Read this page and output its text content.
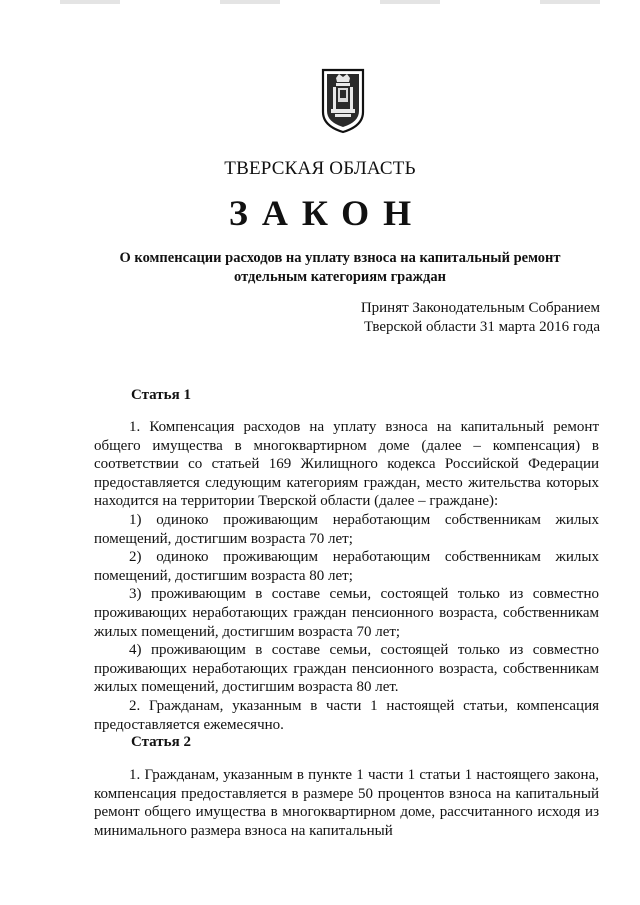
ТВЕРСКАЯ ОБЛАСТЬ
ЗАКОН
О компенсации расходов на уплату взноса на капитальный ремонт
отдельным категориям граждан
Принят Законодательным Собранием
Тверской области 31 марта 2016 года
Статья 1

1. Компенсация расходов на уплату взноса на капитальный ремонт общего имущества в многоквартирном доме (далее – компенсация) в соответствии со статьей 169 Жилищного кодекса Российской Федерации предоставляется следующим категориям граждан, место жительства которых находится на территории Тверской области (далее – граждане):

1) одиноко проживающим неработающим собственникам жилых помещений, достигшим возраста 70 лет;

2) одиноко проживающим неработающим собственникам жилых помещений, достигшим возраста 80 лет;

3) проживающим в составе семьи, состоящей только из совместно проживающих неработающих граждан пенсионного возраста, собственникам жилых помещений, достигшим возраста 70 лет;

4) проживающим в составе семьи, состоящей только из совместно проживающих неработающих граждан пенсионного возраста, собственникам жилых помещений, достигшим возраста 80 лет.

2. Гражданам, указанным в части 1 настоящей статьи, компенсация предоставляется ежемесячно.

Статья 2

1. Гражданам, указанным в пункте 1 части 1 статьи 1 настоящего закона, компенсация предоставляется в размере 50 процентов взноса на капитальный ремонт общего имущества в многоквартирном доме, рассчитанного исходя из минимального размера взноса на капитальный
